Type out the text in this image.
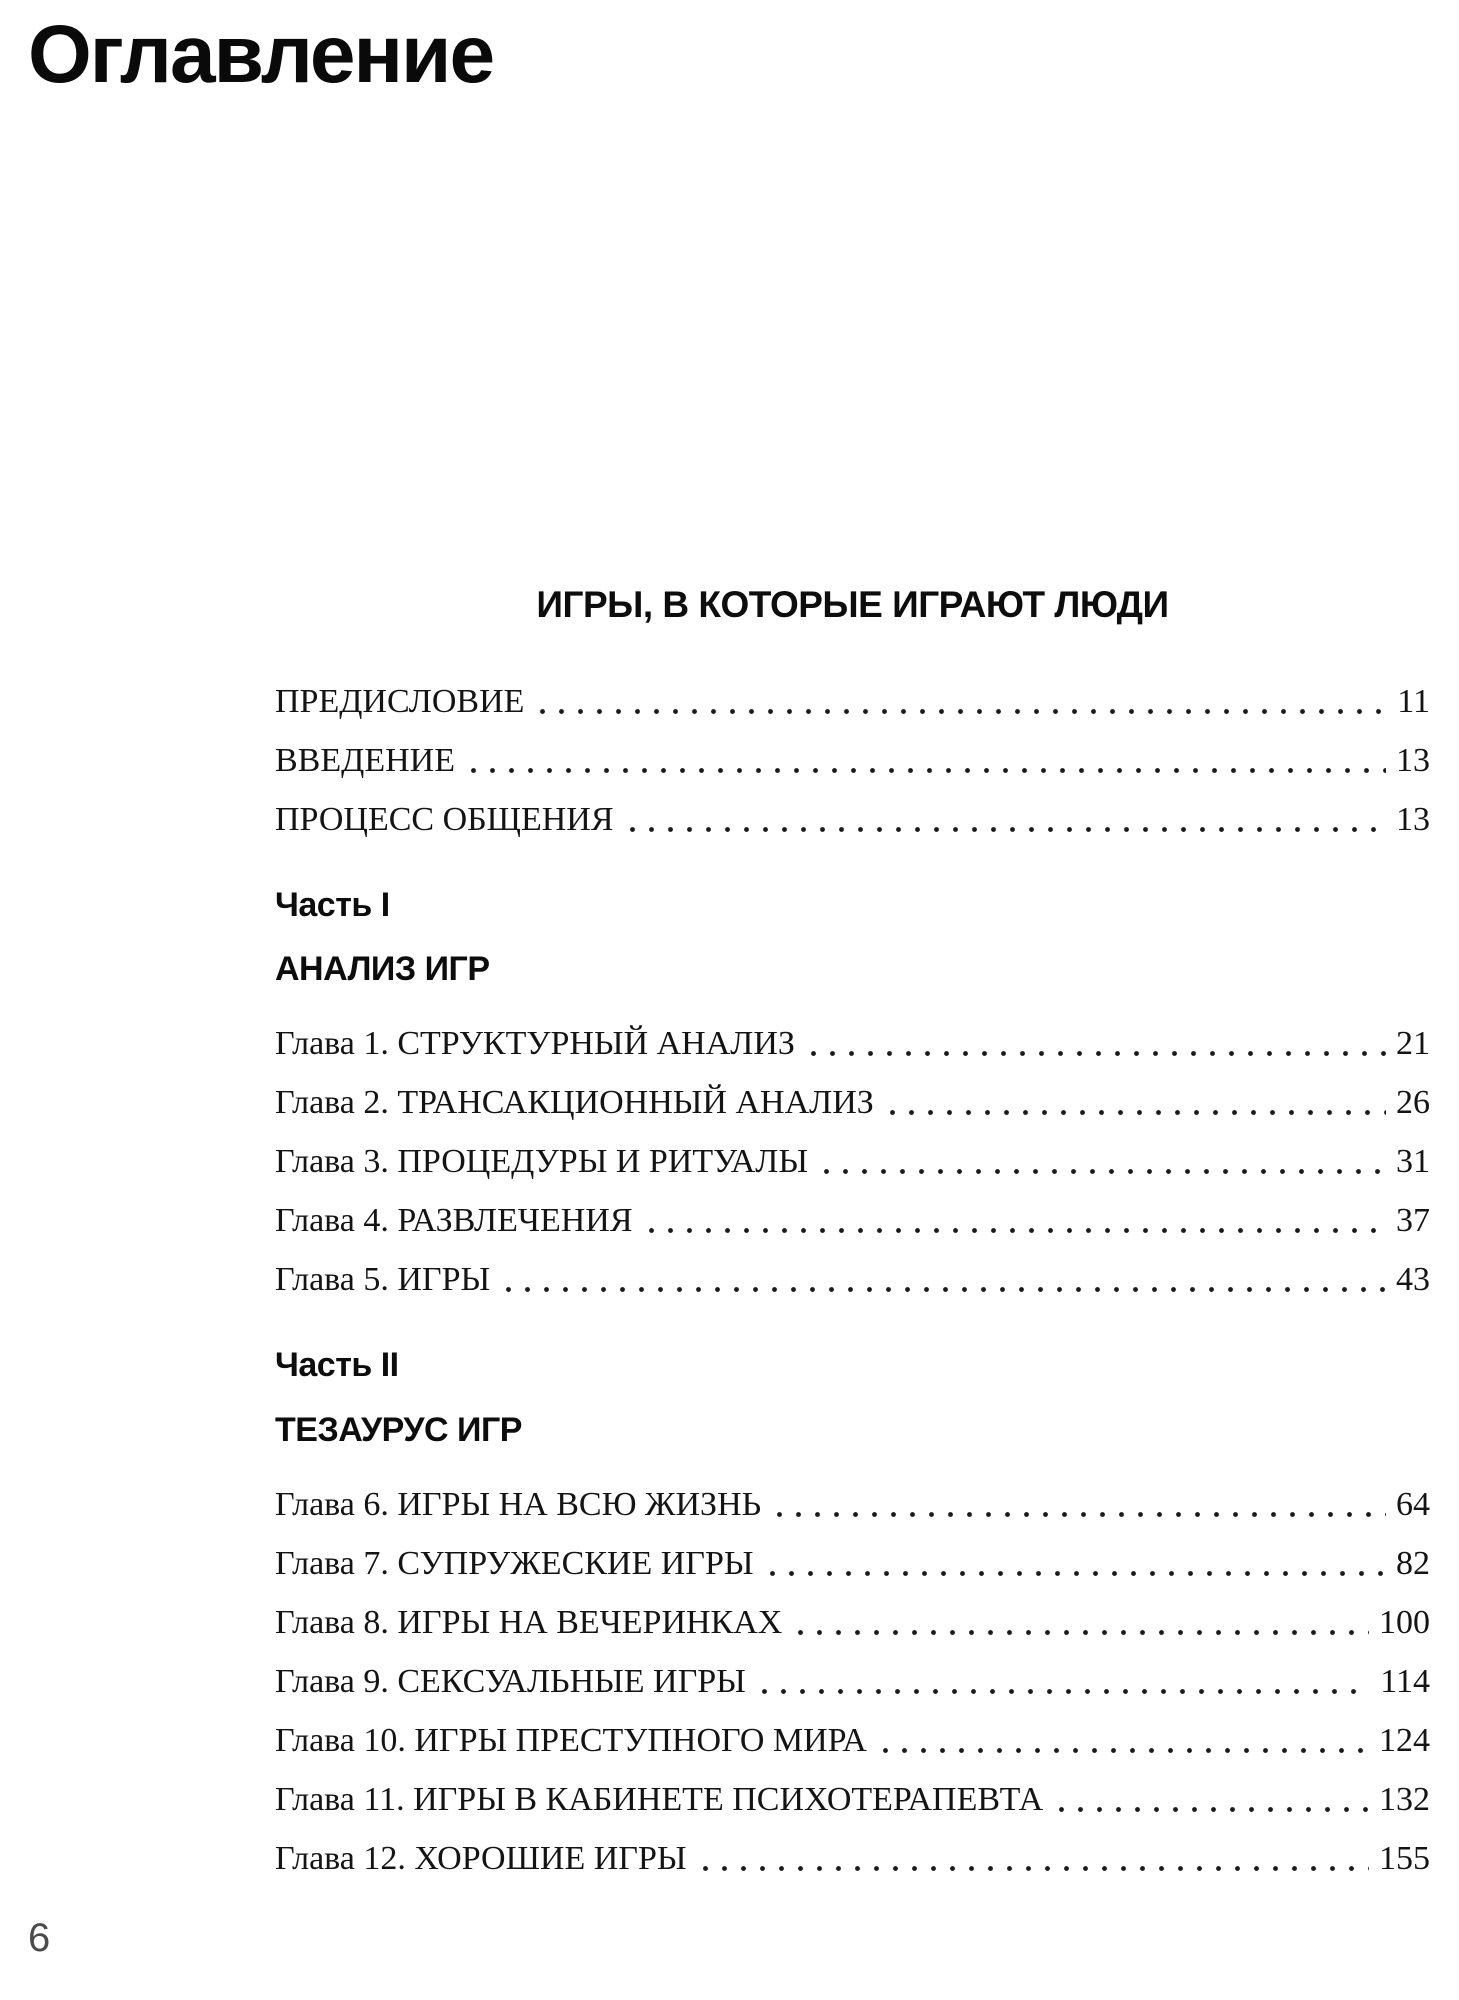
Оглавление
ИГРЫ, В КОТОРЫЕ ИГРАЮТ ЛЮДИ
ПРЕДИСЛОВИЕ	11
ВВЕДЕНИЕ	13
ПРОЦЕСС ОБЩЕНИЯ	13
Часть I
АНАЛИЗ ИГР
Глава 1. СТРУКТУРНЫЙ АНАЛИЗ	21
Глава 2. ТРАНСАКЦИОННЫЙ АНАЛИЗ	26
Глава 3. ПРОЦЕДУРЫ И РИТУАЛЫ	31
Глава 4. РАЗВЛЕЧЕНИЯ	37
Глава 5. ИГРЫ	43
Часть II
ТЕЗАУРУС ИГР
Глава 6. ИГРЫ НА ВСЮ ЖИЗНЬ	64
Глава 7. СУПРУЖЕСКИЕ ИГРЫ	82
Глава 8. ИГРЫ НА ВЕЧЕРИНКАХ	100
Глава 9. СЕКСУАЛЬНЫЕ ИГРЫ	114
Глава 10. ИГРЫ ПРЕСТУПНОГО МИРА	124
Глава 11. ИГРЫ В КАБИНЕТЕ ПСИХОТЕРАПЕВТА	132
Глава 12. ХОРОШИЕ ИГРЫ	155
6
